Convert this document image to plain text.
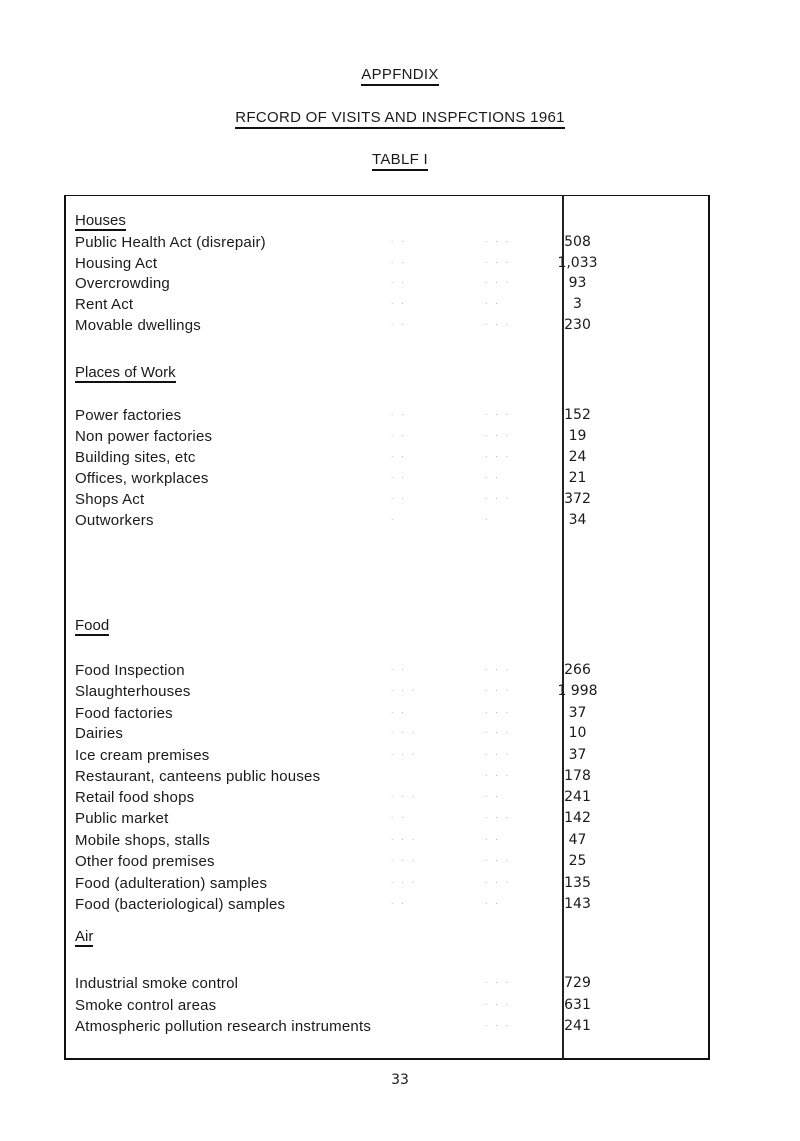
APPFNDIX
RFCORD OF VISITS AND INSPFCTIONS 1961
TABLF I
Houses
Public Health Act (disrepair)	. .	. . .	508
Housing Act	. .	. . .	1,033
Overcrowding	. .	. . .	93
Rent Act	. .	. .	3
Movable dwellings	. .	. . .	230
Places of Work
Power factories	. .	. . .	152
Non power factories	. .	. . .	19
Building sites, etc	. .	. . .	24
Offices, workplaces	. .	. .	21
Shops Act	. .	. . .	372
Outworkers	.	.	34
Food
Food Inspection	. .	. . .	266
Slaughterhouses	. . .	. . .	1 998
Food factories	. .	. . .	37
Dairies	. . .	. . .	10
Ice cream premises	. . .	. . .	37
Restaurant, canteens public houses	. . .	178
Retail food shops	. . .	. .	241
Public market	. .	. . .	142
Mobile shops, stalls	. . .	. .	47
Other food premises	. . .	. . .	25
Food (adulteration) samples	. . .	. . .	135
Food (bacteriological) samples	. .	. .	143
33
Air
Industrial smoke control	. . .	729
Smoke control areas	. . .	631
Atmospheric pollution research instruments	. . .	241
